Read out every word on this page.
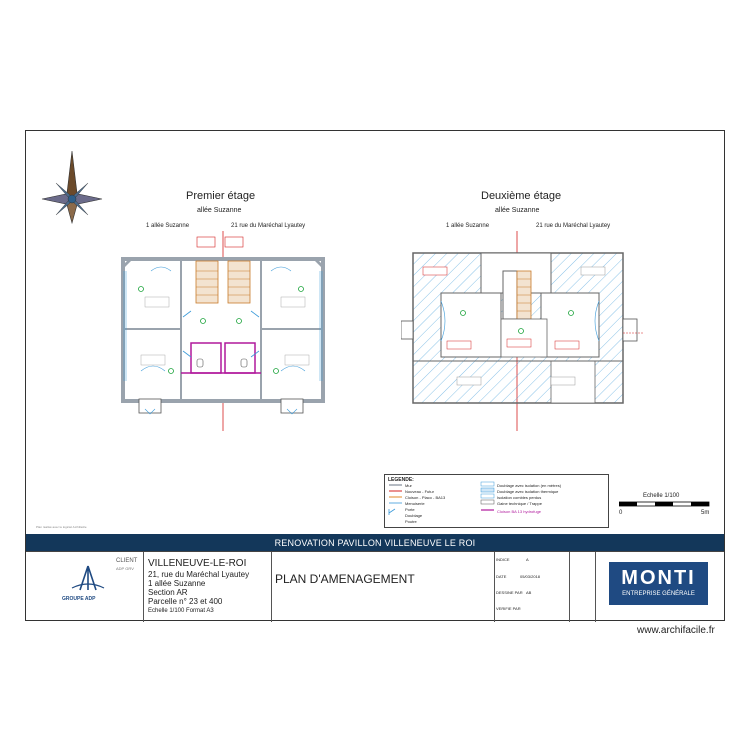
Premier étage
allée Suzanne
1 allée Suzanne	21 rue du Maréchal Lyautey
Deuxième étage
allée Suzanne
1 allée Suzanne	21 rue du Maréchal Lyautey
LEGENDE:
Mur
Nouveau - Futur
Cloison - Placo - BA13
Menuiserie
Porte
Doublage
Poutre
Doublage avec isolation (en mètres)
Doublage avec isolation thermique
Isolation combles perdus
Gaine technique / Trappe
Cloison BA 13 hydrofuge
Echelle 1/100
0	5m
Plan réalisé avec le logiciel Archifacile
RENOVATION PAVILLON VILLENEUVE LE ROI
GROUPE ADP
CLIENT
ADP GRV VILLENEUVE-LE-ROI
21, rue du Maréchal Lyautey
1 allée Suzanne
Section AR
Parcelle n° 23 et 400
Echelle 1/100 Format A3
PLAN D'AMENAGEMENT
INDICE	A
DATE	05/03/2018
DESSINE PAR AB
VERIFIE PAR
MONTI
ENTREPRISE GÉNÉRALE
www.archifacile.fr
